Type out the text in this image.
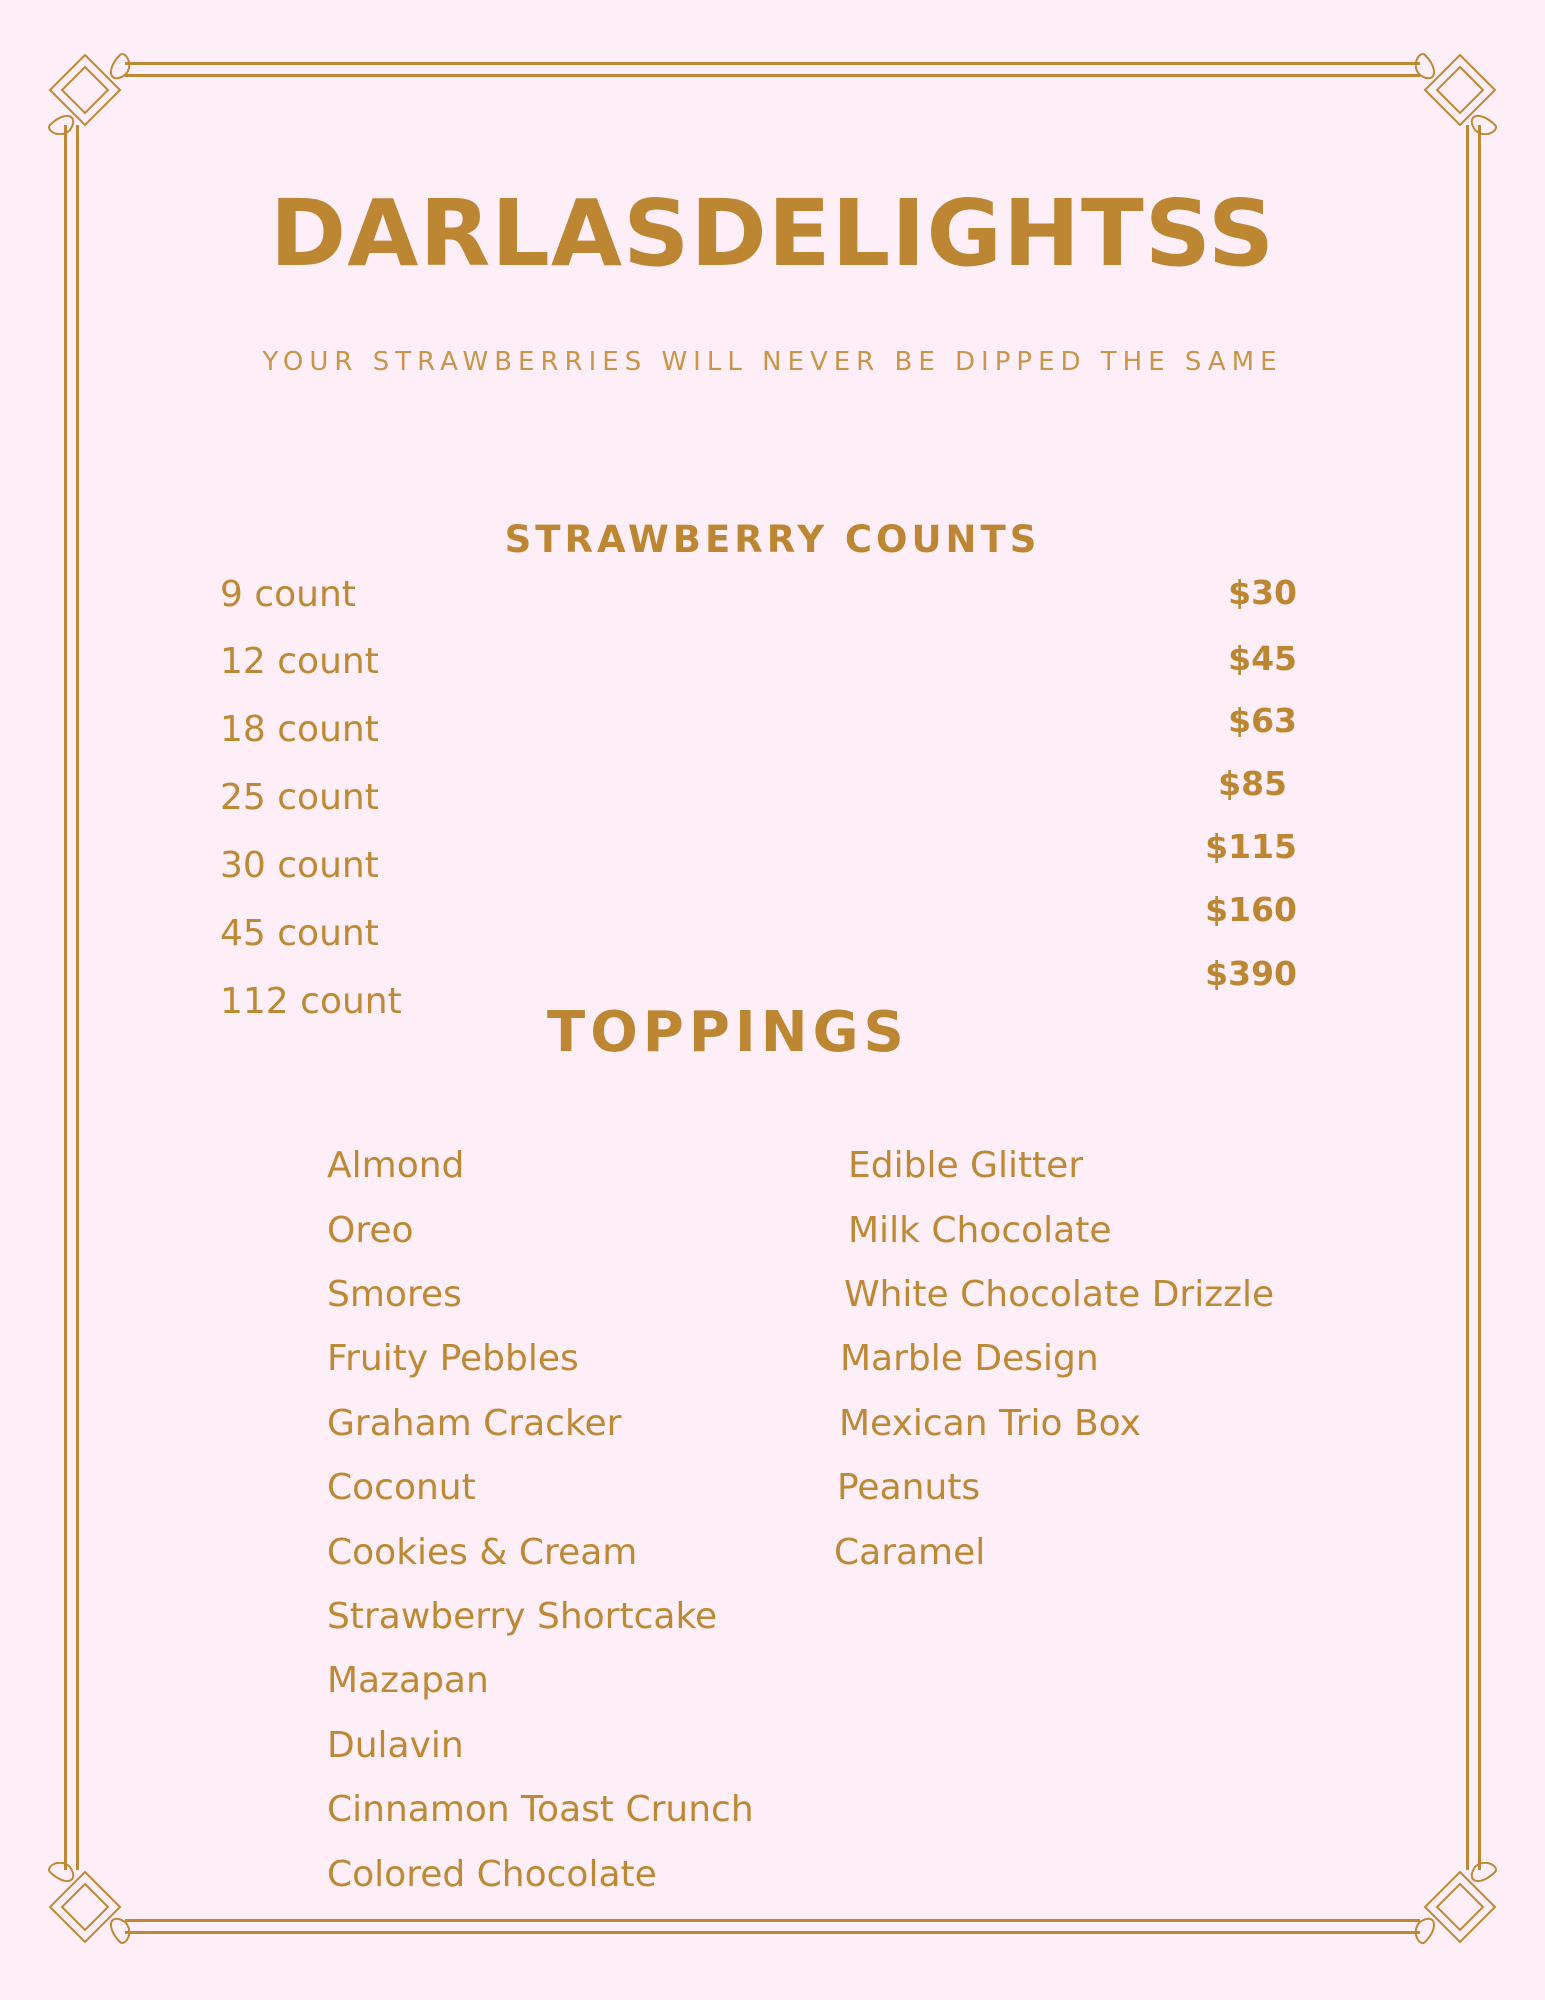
DARLASDELIGHTSS
YOUR STRAWBERRIES WILL NEVER BE DIPPED THE SAME
STRAWBERRY COUNTS
9 count
12 count
18 count
25 count
30 count
45 count
112 count
$30
$45
$63
$85
$115
$160
$390
TOPPINGS
Almond
Oreo
Smores
Fruity Pebbles
Graham Cracker
Coconut
Cookies & Cream
Strawberry Shortcake
Mazapan
Dulavin
Cinnamon Toast Crunch
Colored Chocolate
Edible Glitter
Milk Chocolate
White Chocolate Drizzle
Marble Design
Mexican Trio Box
Peanuts
Caramel
